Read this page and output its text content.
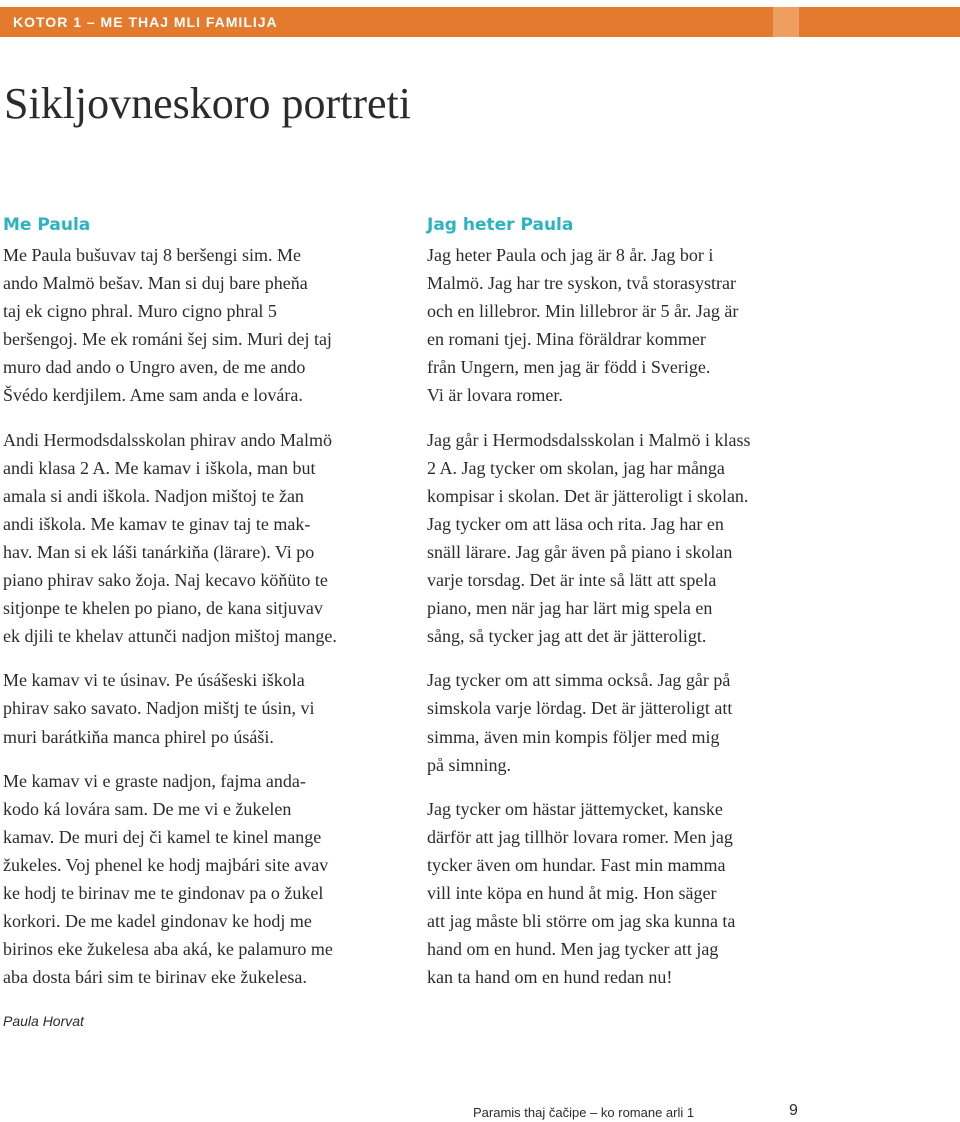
KOTOR 1 – ME THAJ MLI FAMILIJA
Sikljovneskoro portreti
Me Paula
Me Paula bušuvav taj 8 beršengi sim. Me
ando Malmö bešav. Man si duj bare pheňa
taj ek cigno phral. Muro cigno phral 5
beršengoj. Me ek románi šej sim. Muri dej taj
muro dad ando o Ungro aven, de me ando
Švédo kerdjilem. Ame sam anda e lovára.
Andi Hermodsdalsskolan phirav ando Malmö
andi klasa 2 A. Me kamav i iškola, man but
amala si andi iškola. Nadjon mištoj te žan
andi iškola. Me kamav te ginav taj te mak-
hav. Man si ek láši tanárkiňa (lärare). Vi po
piano phirav sako žoja. Naj kecavo köňüto te
sitjonpe te khelen po piano, de kana sitjuvav
ek djili te khelav attunči nadjon mištoj mange.
Me kamav vi te úsinav. Pe úsášeski iškola
phirav sako savato. Nadjon mištj te úsin, vi
muri barátkiňa manca phirel po úsáši.
Me kamav vi e graste nadjon, fajma anda-
kodo ká lovára sam. De me vi e žukelen
kamav. De muri dej či kamel te kinel mange
žukeles. Voj phenel ke hodj majbári site avav
ke hodj te birinav me te gindonav pa o žukel
korkori. De me kadel gindonav ke hodj me
birinos eke žukelesa aba aká, ke palamuro me
aba dosta bári sim te birinav eke žukelesa.
Jag heter Paula
Jag heter Paula och jag är 8 år. Jag bor i
Malmö. Jag har tre syskon, två storasystrar
och en lillebror. Min lillebror är 5 år. Jag är
en romani tjej. Mina föräldrar kommer
från Ungern, men jag är född i Sverige.
Vi är lovara romer.
Jag går i Hermodsdalsskolan i Malmö i klass
2 A. Jag tycker om skolan, jag har många
kompisar i skolan. Det är jätteroligt i skolan.
Jag tycker om att läsa och rita. Jag har en
snäll lärare. Jag går även på piano i skolan
varje torsdag. Det är inte så lätt att spela
piano, men när jag har lärt mig spela en
sång, så tycker jag att det är jätteroligt.
Jag tycker om att simma också. Jag går på
simskola varje lördag. Det är jätteroligt att
simma, även min kompis följer med mig
på simning.
Jag tycker om hästar jättemycket, kanske
därför att jag tillhör lovara romer. Men jag
tycker även om hundar. Fast min mamma
vill inte köpa en hund åt mig. Hon säger
att jag måste bli större om jag ska kunna ta
hand om en hund. Men jag tycker att jag
kan ta hand om en hund redan nu!
Paula Horvat
Paramis thaj čačipe – ko romane arli 1	9
